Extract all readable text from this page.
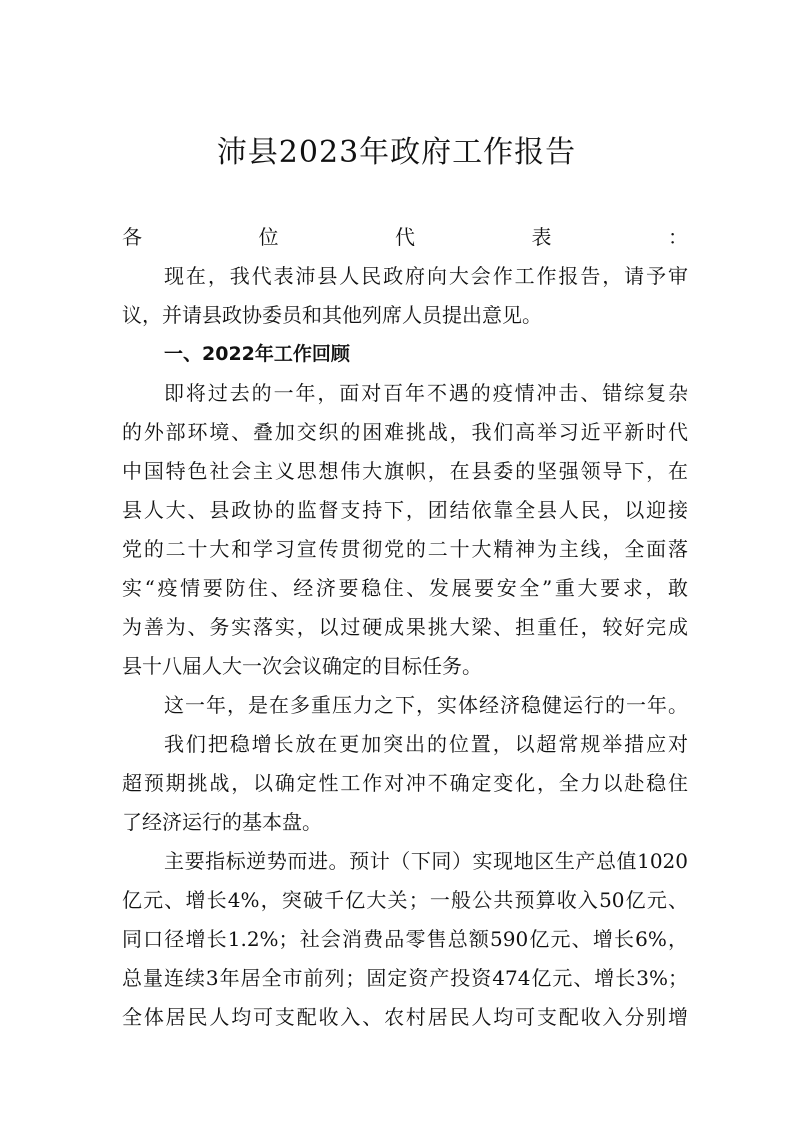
沛县2023年政府工作报告
各位代表：
现在，我代表沛县人民政府向大会作工作报告，请予审
议，并请县政协委员和其他列席人员提出意见。
一、2022年工作回顾
即将过去的一年，面对百年不遇的疫情冲击、错综复杂
的外部环境、叠加交织的困难挑战，我们高举习近平新时代
中国特色社会主义思想伟大旗帜，在县委的坚强领导下，在
县人大、县政协的监督支持下，团结依靠全县人民，以迎接
党的二十大和学习宣传贯彻党的二十大精神为主线，全面落
实“疫情要防住、经济要稳住、发展要安全”重大要求，敢
为善为、务实落实，以过硬成果挑大梁、担重任，较好完成
县十八届人大一次会议确定的目标任务。
这一年，是在多重压力之下，实体经济稳健运行的一年。
我们把稳增长放在更加突出的位置，以超常规举措应对
超预期挑战，以确定性工作对冲不确定变化，全力以赴稳住
了经济运行的基本盘。
主要指标逆势而进。预计（下同）实现地区生产总值1020
亿元、增长4%，突破千亿大关；一般公共预算收入50亿元、
同口径增长1.2%；社会消费品零售总额590亿元、增长6%，
总量连续3年居全市前列；固定资产投资474亿元、增长3%；
全体居民人均可支配收入、农村居民人均可支配收入分别增
